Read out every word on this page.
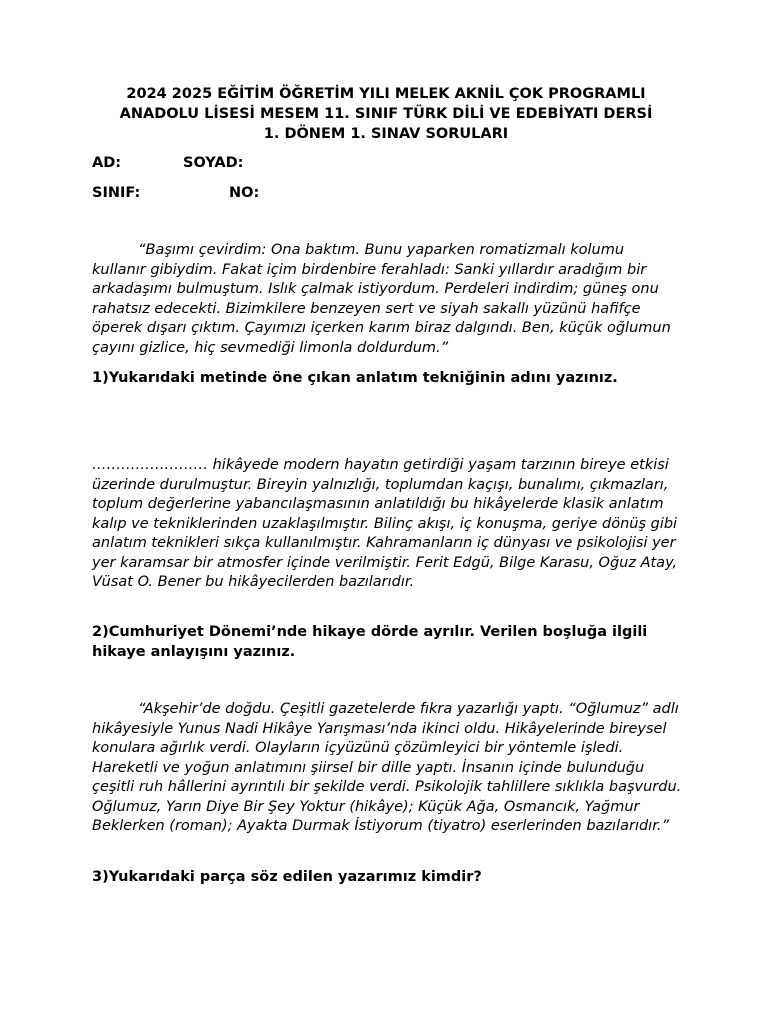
2024 2025 EĞİTİM ÖĞRETİM YILI MELEK AKNİL ÇOK PROGRAMLI
ANADOLU LİSESİ MESEM 11. SINIF TÜRK DİLİ VE EDEBİYATI DERSİ
1. DÖNEM 1. SINAV SORULARI
AD:	SOYAD:
SINIF:	NO:

“Başımı çevirdim: Ona baktım. Bunu yaparken romatizmalı kolumu kullanır gibiydim. Fakat içim birdenbire ferahladı: Sanki yıllardır aradığım bir arkadaşımı bulmuştum. Islık çalmak istiyordum. Perdeleri indirdim; güneş onu rahatsız edecekti. Bizimkilere benzeyen sert ve siyah sakallı yüzünü hafifçe öperek dışarı çıktım. Çayımızı içerken karım biraz dalgındı. Ben, küçük oğlumun çayını gizlice, hiç sevmediği limonla doldurdum.”

1)Yukarıdaki metinde öne çıkan anlatım tekniğinin adını yazınız.

…………………… hikâyede modern hayatın getirdiği yaşam tarzının bireye etkisi üzerinde durulmuştur. Bireyin yalnızlığı, toplumdan kaçışı, bunalımı, çıkmazları, toplum değerlerine yabancılaşmasının anlatıldığı bu hikâyelerde klasik anlatım kalıp ve tekniklerinden uzaklaşılmıştır. Bilinç akışı, iç konuşma, geriye dönüş gibi anlatım teknikleri sıkça kullanılmıştır. Kahramanların iç dünyası ve psikolojisi yer yer karamsar bir atmosfer içinde verilmiştir. Ferit Edgü, Bilge Karasu, Oğuz Atay, Vüsat O. Bener bu hikâyecilerden bazılarıdır.

2)Cumhuriyet Dönemi’nde hikaye dörde ayrılır. Verilen boşluğa ilgili hikaye anlayışını yazınız.

“Akşehir’de doğdu. Çeşitli gazetelerde fıkra yazarlığı yaptı. “Oğlumuz” adlı hikâyesiyle Yunus Nadi Hikâye Yarışması’nda ikinci oldu. Hikâyelerinde bireysel konulara ağırlık verdi. Olayların içyüzünü çözümleyici bir yöntemle işledi. Hareketli ve yoğun anlatımını şiirsel bir dille yaptı. İnsanın içinde bulunduğu çeşitli ruh hâllerini ayrıntılı bir şekilde verdi. Psikolojik tahlillere sıklıkla başvurdu. Oğlumuz, Yarın Diye Bir Şey Yoktur (hikâye); Küçük Ağa, Osmancık, Yağmur Beklerken (roman); Ayakta Durmak İstiyorum (tiyatro) eserlerinden bazılarıdır.”

3)Yukarıdaki parça söz edilen yazarımız kimdir?
